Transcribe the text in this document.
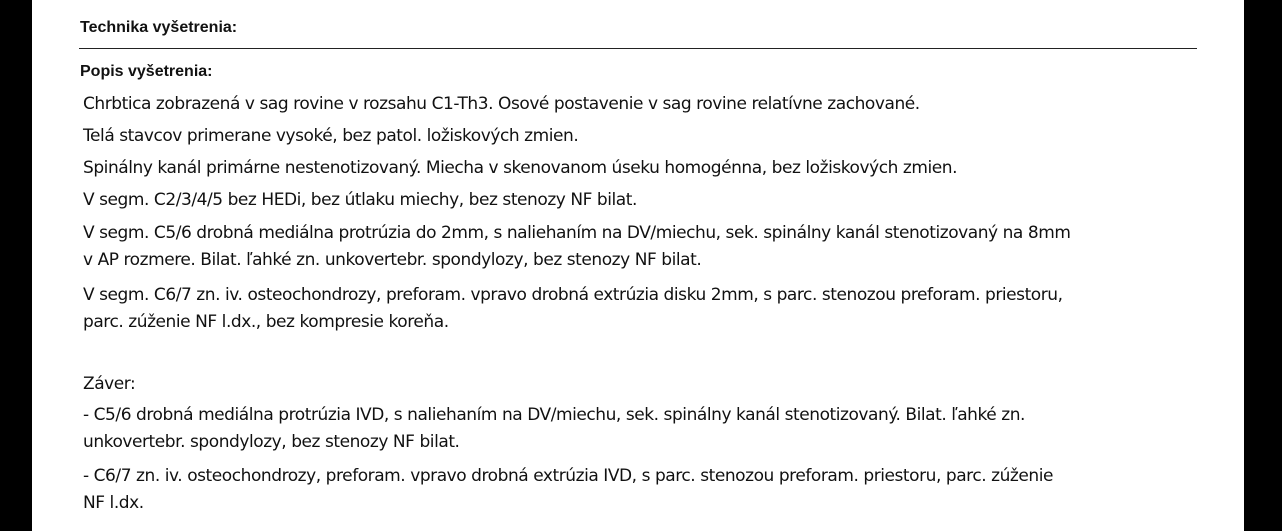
Technika vyšetrenia:
Popis vyšetrenia:
Chrbtica zobrazená v sag rovine v rozsahu C1-Th3. Osové postavenie v sag rovine relatívne zachované.
Telá stavcov primerane vysoké, bez patol. ložiskových zmien.
Spinálny kanál primárne nestenotizovaný. Miecha v skenovanom úseku homogénna, bez ložiskových zmien.
V segm. C2/3/4/5 bez HEDi, bez útlaku miechy, bez stenozy NF bilat.
V segm. C5/6 drobná mediálna protrúzia do 2mm, s naliehaním na DV/miechu, sek. spinálny kanál stenotizovaný na 8mm
v AP rozmere. Bilat. ľahké zn. unkovertebr. spondylozy, bez stenozy NF bilat.
V segm. C6/7 zn. iv. osteochondrozy, preforam. vpravo drobná extrúzia disku 2mm, s parc. stenozou preforam. priestoru,
parc. zúženie NF l.dx., bez kompresie koreňa.
Záver:
- C5/6 drobná mediálna protrúzia IVD, s naliehaním na DV/miechu, sek. spinálny kanál stenotizovaný. Bilat. ľahké zn.
unkovertebr. spondylozy, bez stenozy NF bilat.
- C6/7 zn. iv. osteochondrozy, preforam. vpravo drobná extrúzia IVD, s parc. stenozou preforam. priestoru, parc. zúženie
NF l.dx.
